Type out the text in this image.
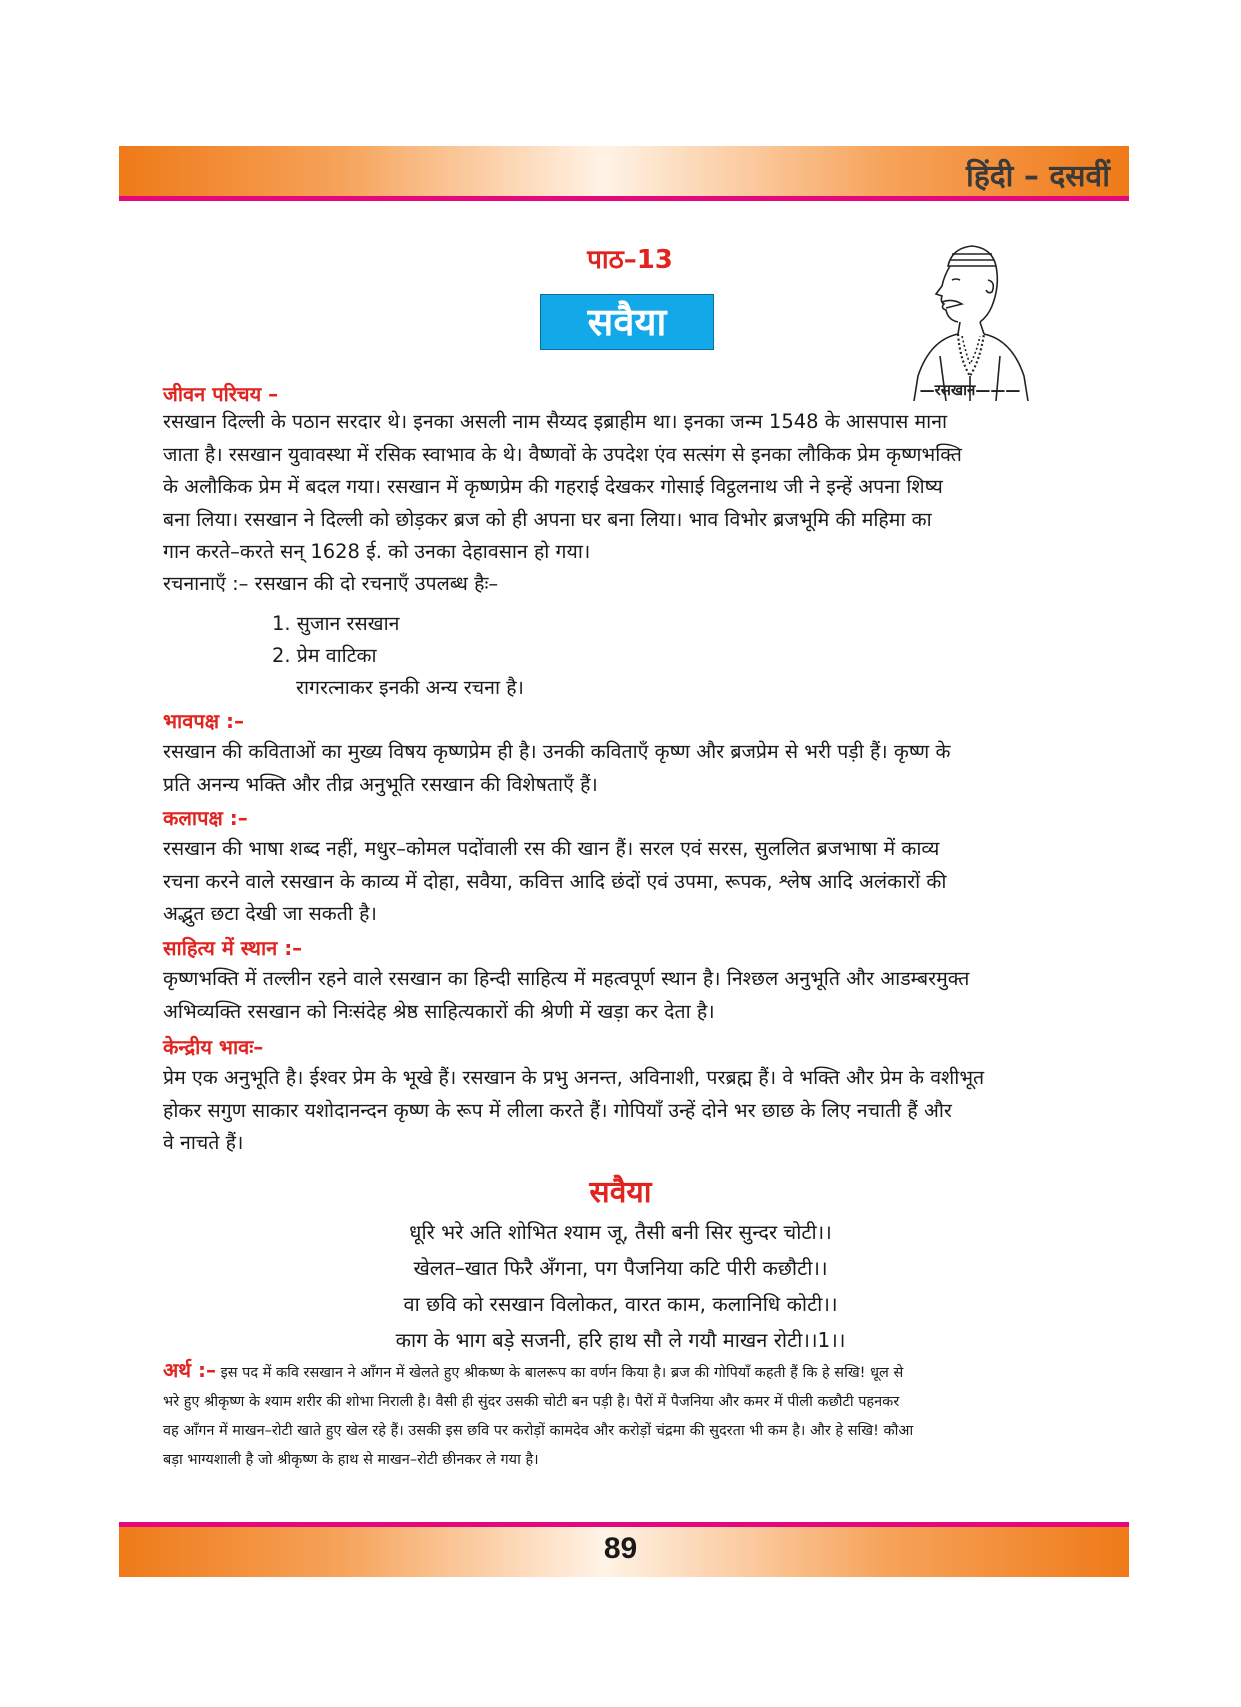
हिंदी – दसवीं
पाठ–13
सवैया
—रसखान———
जीवन परिचय –
रसखान दिल्ली के पठान सरदार थे। इनका असली नाम सैय्यद इब्राहीम था। इनका जन्म 1548 के आसपास माना
जाता है। रसखान युवावस्था में रसिक स्वाभाव के थे। वैष्णवों के उपदेश एंव सत्संग से इनका लौकिक प्रेम कृष्णभक्ति
के अलौकिक प्रेम में बदल गया। रसखान में कृष्णप्रेम की गहराई देखकर गोसाई विट्ठलनाथ जी ने इन्हें अपना शिष्य
बना लिया। रसखान ने दिल्ली को छोड़कर ब्रज को ही अपना घर बना लिया। भाव विभोर ब्रजभूमि की महिमा का
गान करते–करते सन् 1628 ई. को उनका देहावसान हो गया।
रचनानाएँ :– रसखान की दो रचनाएँ उपलब्ध हैः–
1. सुजान रसखान
2. प्रेम वाटिका
रागरत्नाकर इनकी अन्य रचना है।
भावपक्ष :–
रसखान की कविताओं का मुख्य विषय कृष्णप्रेम ही है। उनकी कविताएँ कृष्ण और ब्रजप्रेम से भरी पड़ी हैं। कृष्ण के
प्रति अनन्य भक्ति और तीव्र अनुभूति रसखान की विशेषताएँ हैं।
कलापक्ष :–
रसखान की भाषा शब्द नहीं, मधुर–कोमल पदोंवाली रस की खान हैं। सरल एवं सरस, सुललित ब्रजभाषा में काव्य
रचना करने वाले रसखान के काव्य में दोहा, सवैया, कवित्त आदि छंदों एवं उपमा, रूपक, श्लेष आदि अलंकारों की
अद्भुत छटा देखी जा सकती है।
साहित्य में स्थान :–
कृष्णभक्ति में तल्लीन रहने वाले रसखान का हिन्दी साहित्य में महत्वपूर्ण स्थान है। निश्छल अनुभूति और आडम्बरमुक्त
अभिव्यक्ति रसखान को निःसंदेह श्रेष्ठ साहित्यकारों की श्रेणी में खड़ा कर देता है।
केन्द्रीय भावः–
प्रेम एक अनुभूति है। ईश्वर प्रेम के भूखे हैं। रसखान के प्रभु अनन्त, अविनाशी, परब्रह्म हैं। वे भक्ति और प्रेम के वशीभूत
होकर सगुण साकार यशोदानन्दन कृष्ण के रूप में लीला करते हैं। गोपियाँ उन्हें दोने भर छाछ के लिए नचाती हैं और
वे नाचते हैं।
सवैया
धूरि भरे अति शोभित श्याम जू, तैसी बनी सिर सुन्दर चोटी।।
खेलत–खात फिरै अँगना, पग पैजनिया कटि पीरी कछौटी।।
वा छवि को रसखान विलोकत, वारत काम, कलानिधि कोटी।।
काग के भाग बड़े सजनी, हरि हाथ सौ ले गयौ माखन रोटी।।1।।
अर्थ :– इस पद में कवि रसखान ने आँगन में खेलते हुए श्रीकष्ण के बालरूप का वर्णन किया है। ब्रज की गोपियाँ कहती हैं कि हे सखि! धूल से
भरे हुए श्रीकृष्ण के श्याम शरीर की शोभा निराली है। वैसी ही सुंदर उसकी चोटी बन पड़ी है। पैरों में पैजनिया और कमर में पीली कछौटी पहनकर
वह आँगन में माखन–रोटी खाते हुए खेल रहे हैं। उसकी इस छवि पर करोड़ों कामदेव और करोड़ों चंद्रमा की सुदरता भी कम है। और हे सखि! कौआ
बड़ा भाग्यशाली है जो श्रीकृष्ण के हाथ से माखन–रोटी छीनकर ले गया है।
89
